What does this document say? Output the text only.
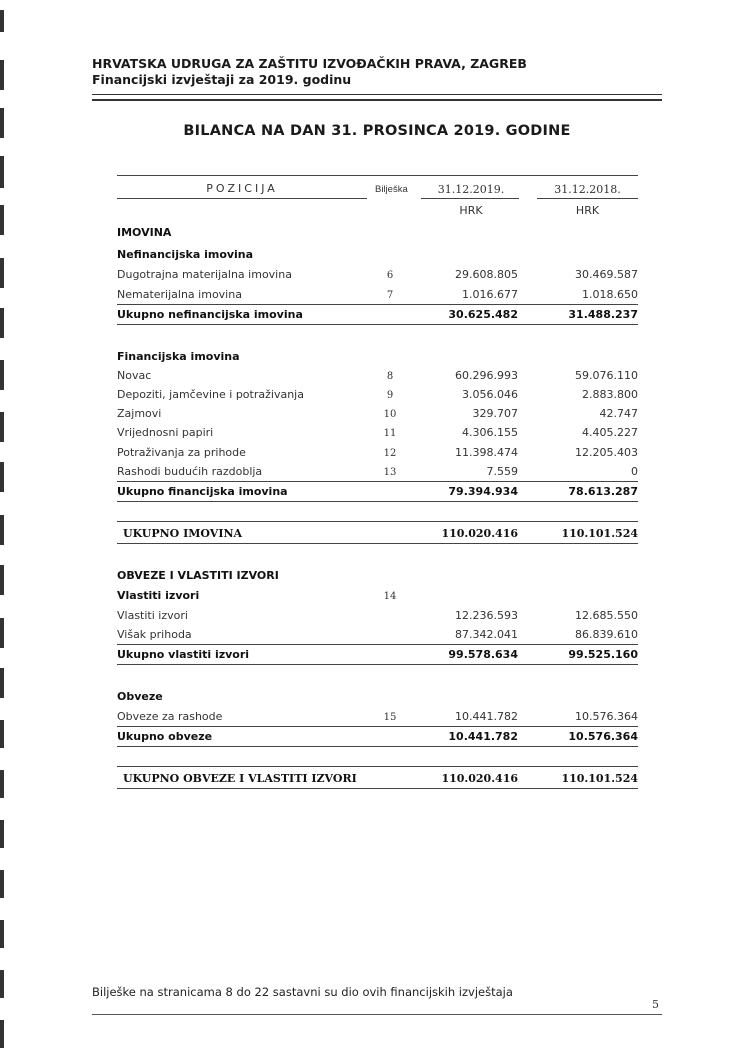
HRVATSKA UDRUGA ZA ZAŠTITU IZVOĐAČKIH PRAVA, ZAGREB
Financijski izvještaji za 2019. godinu
BILANCA NA DAN 31. PROSINCA 2019. GODINE
POZICIJA	Bilješka	31.12.2019.	31.12.2018.
HRK	HRK
IMOVINA
Nefinancijska imovina
Dugotrajna materijalna imovina	6	29.608.805	30.469.587
Nematerijalna imovina	7	1.016.677	1.018.650
Ukupno nefinancijska imovina	30.625.482	31.488.237
Financijska imovina
Novac	8	60.296.993	59.076.110
Depoziti, jamčevine i potraživanja	9	3.056.046	2.883.800
Zajmovi	10	329.707	42.747
Vrijednosni papiri	11	4.306.155	4.405.227
Potraživanja za prihode	12	11.398.474	12.205.403
Rashodi budućih razdoblja	13	7.559	0
Ukupno financijska imovina	79.394.934	78.613.287
UKUPNO IMOVINA	110.020.416	110.101.524
OBVEZE I VLASTITI IZVORI
Vlastiti izvori	14
Vlastiti izvori	12.236.593	12.685.550
Višak prihoda	87.342.041	86.839.610
Ukupno vlastiti izvori	99.578.634	99.525.160
Obveze
Obveze za rashode	15	10.441.782	10.576.364
Ukupno obveze	10.441.782	10.576.364
UKUPNO OBVEZE I VLASTITI IZVORI	110.020.416	110.101.524
Bilješke na stranicama 8 do 22 sastavni su dio ovih financijskih izvještaja
5
